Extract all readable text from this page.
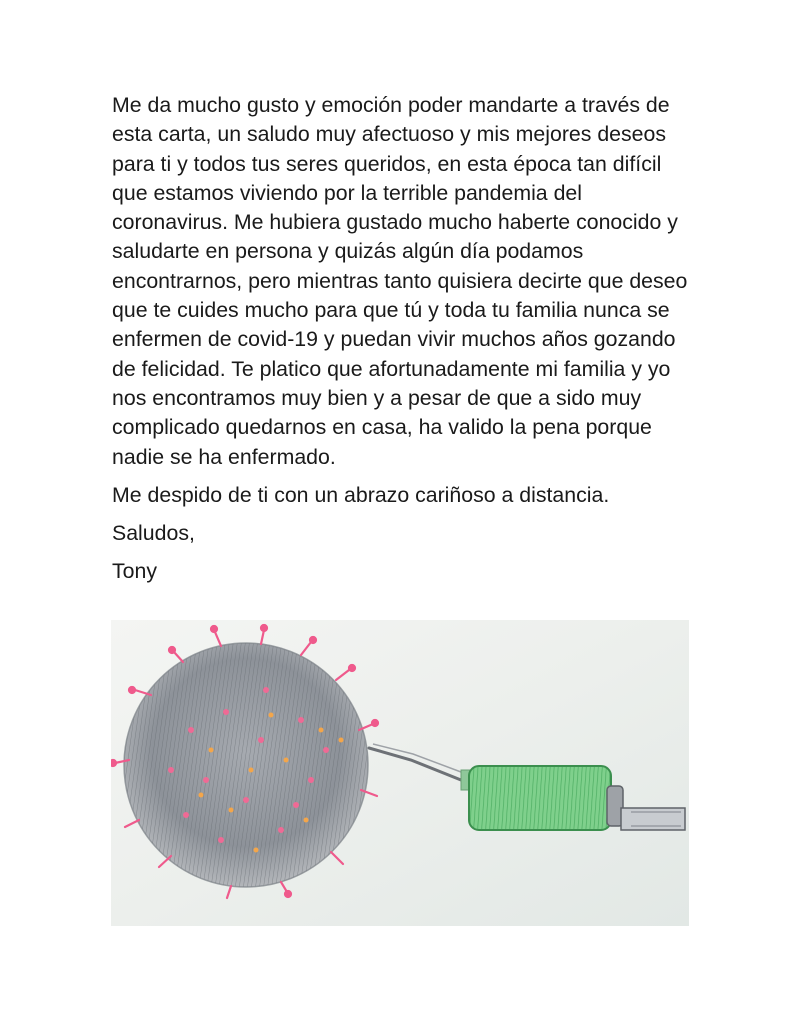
Me da mucho gusto y emoción poder mandarte a través de esta carta, un saludo muy afectuoso y mis mejores deseos para ti y todos tus seres queridos, en esta época tan difícil que estamos viviendo por la terrible pandemia del coronavirus. Me hubiera gustado mucho haberte conocido y saludarte en persona y quizás algún día podamos encontrarnos, pero mientras tanto quisiera decirte que deseo que te cuides mucho para que tú y toda tu familia nunca se enfermen de covid-19 y puedan vivir muchos años gozando de felicidad. Te platico que afortunadamente mi familia y yo nos encontramos muy bien y a pesar de que a sido muy complicado quedarnos en casa, ha valido la pena porque nadie se ha enfermado.

Me despido de ti con un abrazo cariñoso a distancia.

Saludos,

Tony
